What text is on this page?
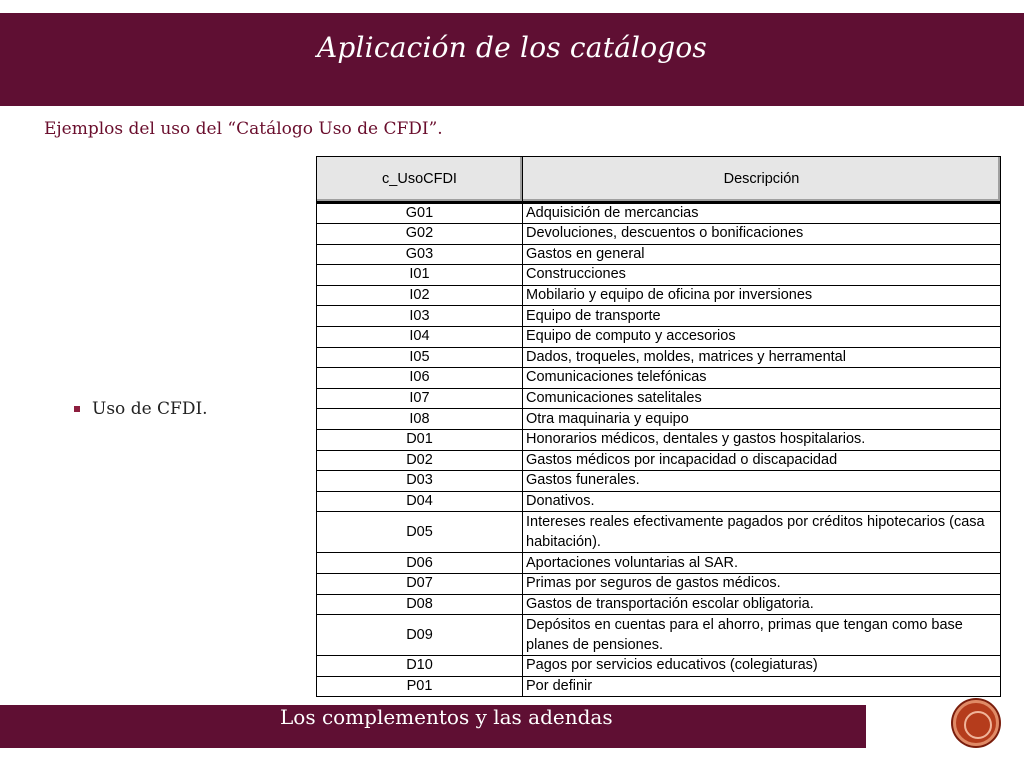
Aplicación de los catálogos
Ejemplos del uso del “Catálogo Uso de CFDI”.
Uso de CFDI.
c_UsoCFDI	Descripción
G01	Adquisición de mercancias
G02	Devoluciones, descuentos o bonificaciones
G03	Gastos en general
I01	Construcciones
I02	Mobilario y equipo de oficina por inversiones
I03	Equipo de transporte
I04	Equipo de computo y accesorios
I05	Dados, troqueles, moldes, matrices y herramental
I06	Comunicaciones telefónicas
I07	Comunicaciones satelitales
I08	Otra maquinaria y equipo
D01	Honorarios médicos, dentales y gastos hospitalarios.
D02	Gastos médicos por incapacidad o discapacidad
D03	Gastos funerales.
D04	Donativos.
D05	Intereses reales efectivamente pagados por créditos hipotecarios (casa habitación).
D06	Aportaciones voluntarias al SAR.
D07	Primas por seguros de gastos médicos.
D08	Gastos de transportación escolar obligatoria.
D09	Depósitos en cuentas para el ahorro, primas que tengan como base planes de pensiones.
D10	Pagos por servicios educativos (colegiaturas)
P01	Por definir
Los complementos y las adendas
